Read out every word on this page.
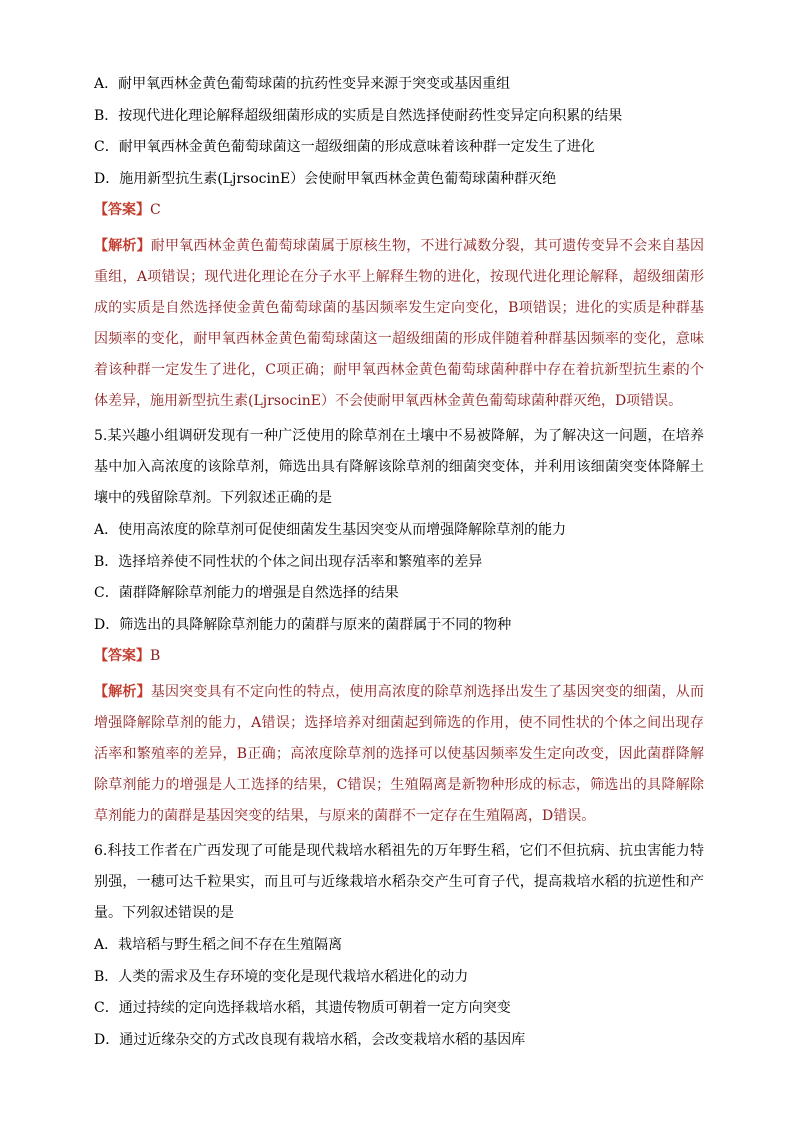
A．耐甲氧西林金黄色葡萄球菌的抗药性变异来源于突变或基因重组

B．按现代进化理论解释超级细菌形成的实质是自然选择使耐药性变异定向积累的结果

C．耐甲氧西林金黄色葡萄球菌这一超级细菌的形成意味着该种群一定发生了进化

D．施用新型抗生素(LjrsocinE）会使耐甲氧西林金黄色葡萄球菌种群灭绝

【答案】C

【解析】耐甲氧西林金黄色葡萄球菌属于原核生物，不进行减数分裂，其可遗传变异不会来自基因重组，A项错误；现代进化理论在分子水平上解释生物的进化，按现代进化理论解释，超级细菌形成的实质是自然选择使金黄色葡萄球菌的基因频率发生定向变化，B项错误；进化的实质是种群基因频率的变化，耐甲氧西林金黄色葡萄球菌这一超级细菌的形成伴随着种群基因频率的变化，意味着该种群一定发生了进化，C项正确；耐甲氧西林金黄色葡萄球菌种群中存在着抗新型抗生素的个体差异，施用新型抗生素(LjrsocinE）不会使耐甲氧西林金黄色葡萄球菌种群灭绝，D项错误。

5.某兴趣小组调研发现有一种广泛使用的除草剂在土壤中不易被降解，为了解决这一问题，在培养基中加入高浓度的该除草剂，筛选出具有降解该除草剂的细菌突变体，并利用该细菌突变体降解土壤中的残留除草剂。下列叙述正确的是

A．使用高浓度的除草剂可促使细菌发生基因突变从而增强降解除草剂的能力

B．选择培养使不同性状的个体之间出现存活率和繁殖率的差异

C．菌群降解除草剂能力的增强是自然选择的结果

D．筛选出的具降解除草剂能力的菌群与原来的菌群属于不同的物种

【答案】B

【解析】基因突变具有不定向性的特点，使用高浓度的除草剂选择出发生了基因突变的细菌，从而增强降解除草剂的能力，A错误；选择培养对细菌起到筛选的作用，使不同性状的个体之间出现存活率和繁殖率的差异，B正确；高浓度除草剂的选择可以使基因频率发生定向改变，因此菌群降解除草剂能力的增强是人工选择的结果，C错误；生殖隔离是新物种形成的标志，筛选出的具降解除草剂能力的菌群是基因突变的结果，与原来的菌群不一定存在生殖隔离，D错误。

6.科技工作者在广西发现了可能是现代栽培水稻祖先的万年野生稻，它们不但抗病、抗虫害能力特别强，一穗可达千粒果实，而且可与近缘栽培水稻杂交产生可育子代，提高栽培水稻的抗逆性和产量。下列叙述错误的是

A．栽培稻与野生稻之间不存在生殖隔离

B．人类的需求及生存环境的变化是现代栽培水稻进化的动力

C．通过持续的定向选择栽培水稻，其遗传物质可朝着一定方向突变

D．通过近缘杂交的方式改良现有栽培水稻，会改变栽培水稻的基因库
